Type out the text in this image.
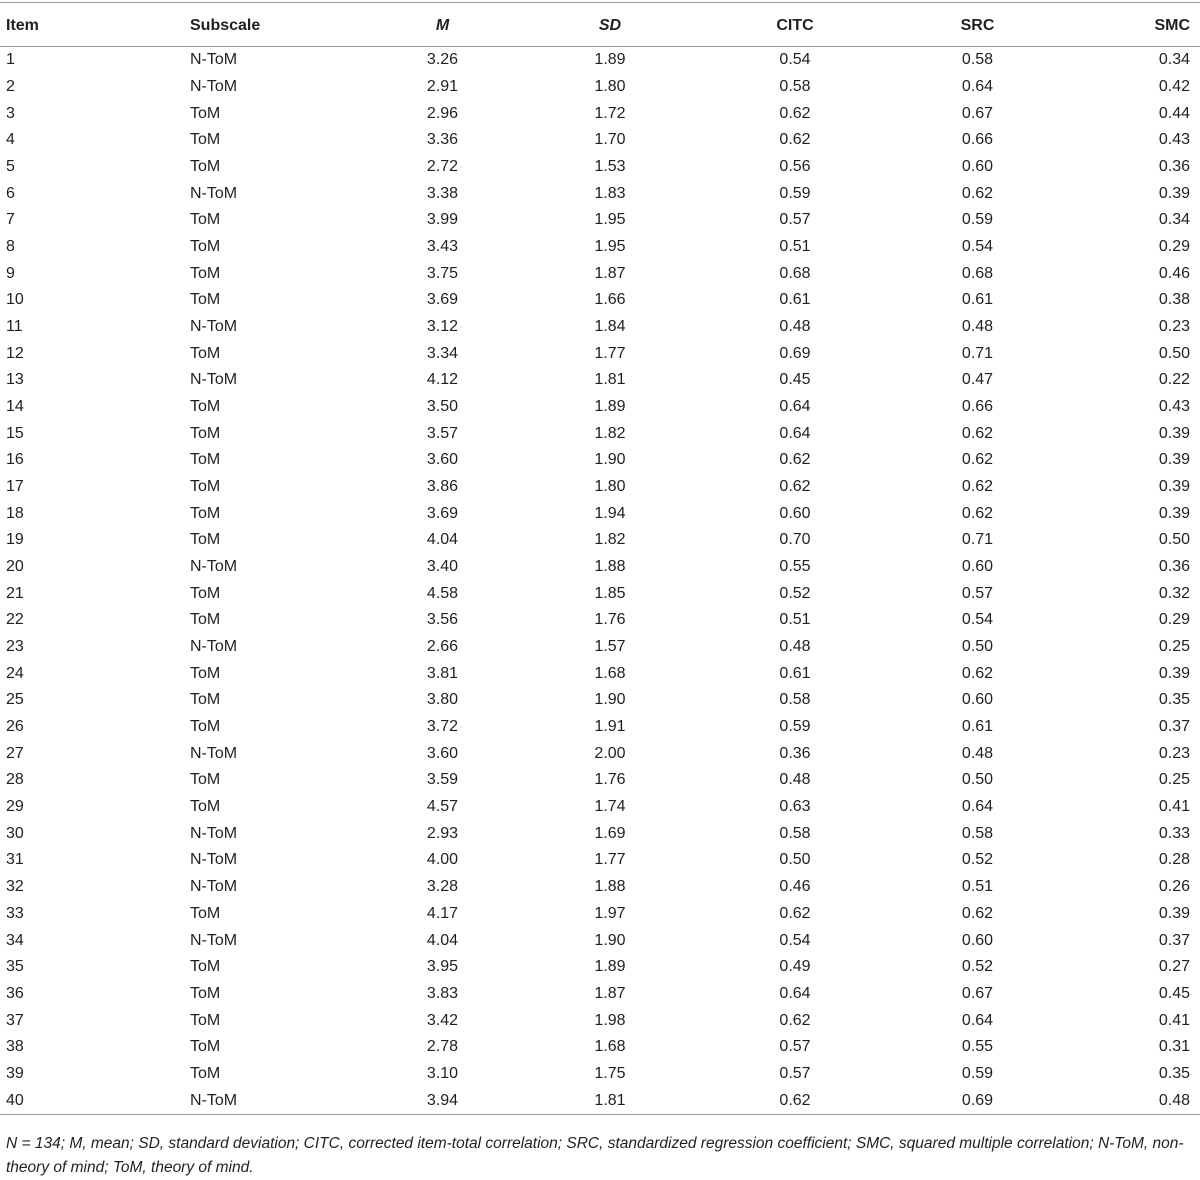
Item	Subscale	M	SD	CITC	SRC	SMC
1	N-ToM	3.26	1.89	0.54	0.58	0.34
2	N-ToM	2.91	1.80	0.58	0.64	0.42
3	ToM	2.96	1.72	0.62	0.67	0.44
4	ToM	3.36	1.70	0.62	0.66	0.43
5	ToM	2.72	1.53	0.56	0.60	0.36
6	N-ToM	3.38	1.83	0.59	0.62	0.39
7	ToM	3.99	1.95	0.57	0.59	0.34
8	ToM	3.43	1.95	0.51	0.54	0.29
9	ToM	3.75	1.87	0.68	0.68	0.46
10	ToM	3.69	1.66	0.61	0.61	0.38
11	N-ToM	3.12	1.84	0.48	0.48	0.23
12	ToM	3.34	1.77	0.69	0.71	0.50
13	N-ToM	4.12	1.81	0.45	0.47	0.22
14	ToM	3.50	1.89	0.64	0.66	0.43
15	ToM	3.57	1.82	0.64	0.62	0.39
16	ToM	3.60	1.90	0.62	0.62	0.39
17	ToM	3.86	1.80	0.62	0.62	0.39
18	ToM	3.69	1.94	0.60	0.62	0.39
19	ToM	4.04	1.82	0.70	0.71	0.50
20	N-ToM	3.40	1.88	0.55	0.60	0.36
21	ToM	4.58	1.85	0.52	0.57	0.32
22	ToM	3.56	1.76	0.51	0.54	0.29
23	N-ToM	2.66	1.57	0.48	0.50	0.25
24	ToM	3.81	1.68	0.61	0.62	0.39
25	ToM	3.80	1.90	0.58	0.60	0.35
26	ToM	3.72	1.91	0.59	0.61	0.37
27	N-ToM	3.60	2.00	0.36	0.48	0.23
28	ToM	3.59	1.76	0.48	0.50	0.25
29	ToM	4.57	1.74	0.63	0.64	0.41
30	N-ToM	2.93	1.69	0.58	0.58	0.33
31	N-ToM	4.00	1.77	0.50	0.52	0.28
32	N-ToM	3.28	1.88	0.46	0.51	0.26
33	ToM	4.17	1.97	0.62	0.62	0.39
34	N-ToM	4.04	1.90	0.54	0.60	0.37
35	ToM	3.95	1.89	0.49	0.52	0.27
36	ToM	3.83	1.87	0.64	0.67	0.45
37	ToM	3.42	1.98	0.62	0.64	0.41
38	ToM	2.78	1.68	0.57	0.55	0.31
39	ToM	3.10	1.75	0.57	0.59	0.35
40	N-ToM	3.94	1.81	0.62	0.69	0.48
N = 134; M, mean; SD, standard deviation; CITC, corrected item-total correlation; SRC, standardized regression coefficient; SMC, squared multiple correlation; N-ToM, non-theory of mind; ToM, theory of mind.
